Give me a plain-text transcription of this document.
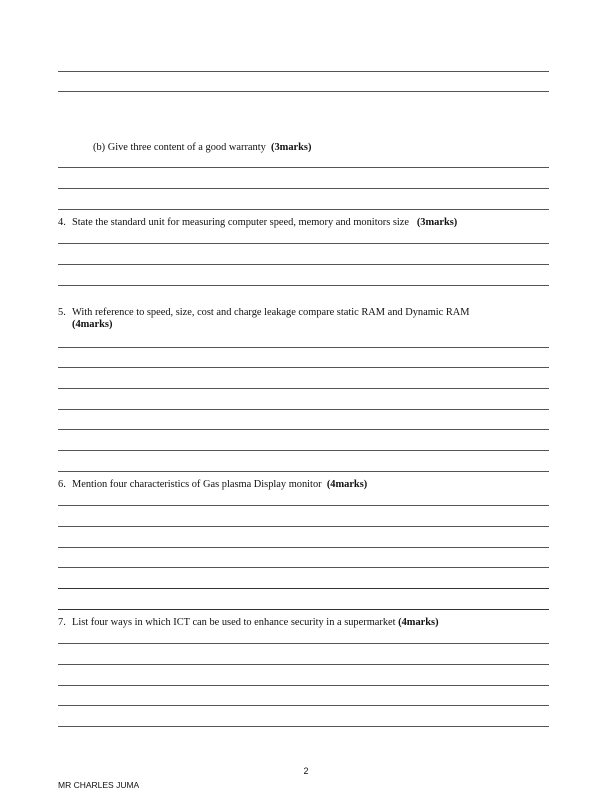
(b) Give three content of a good warranty  (3marks)
4. State the standard unit for measuring computer speed, memory and monitors size   (3marks)
5. With reference to speed, size, cost and charge leakage compare static RAM and Dynamic RAM
(4marks)
6. Mention four characteristics of Gas plasma Display monitor  (4marks)
7. List four ways in which ICT can be used to enhance security in a supermarket (4marks)
2
MR CHARLES JUMA
